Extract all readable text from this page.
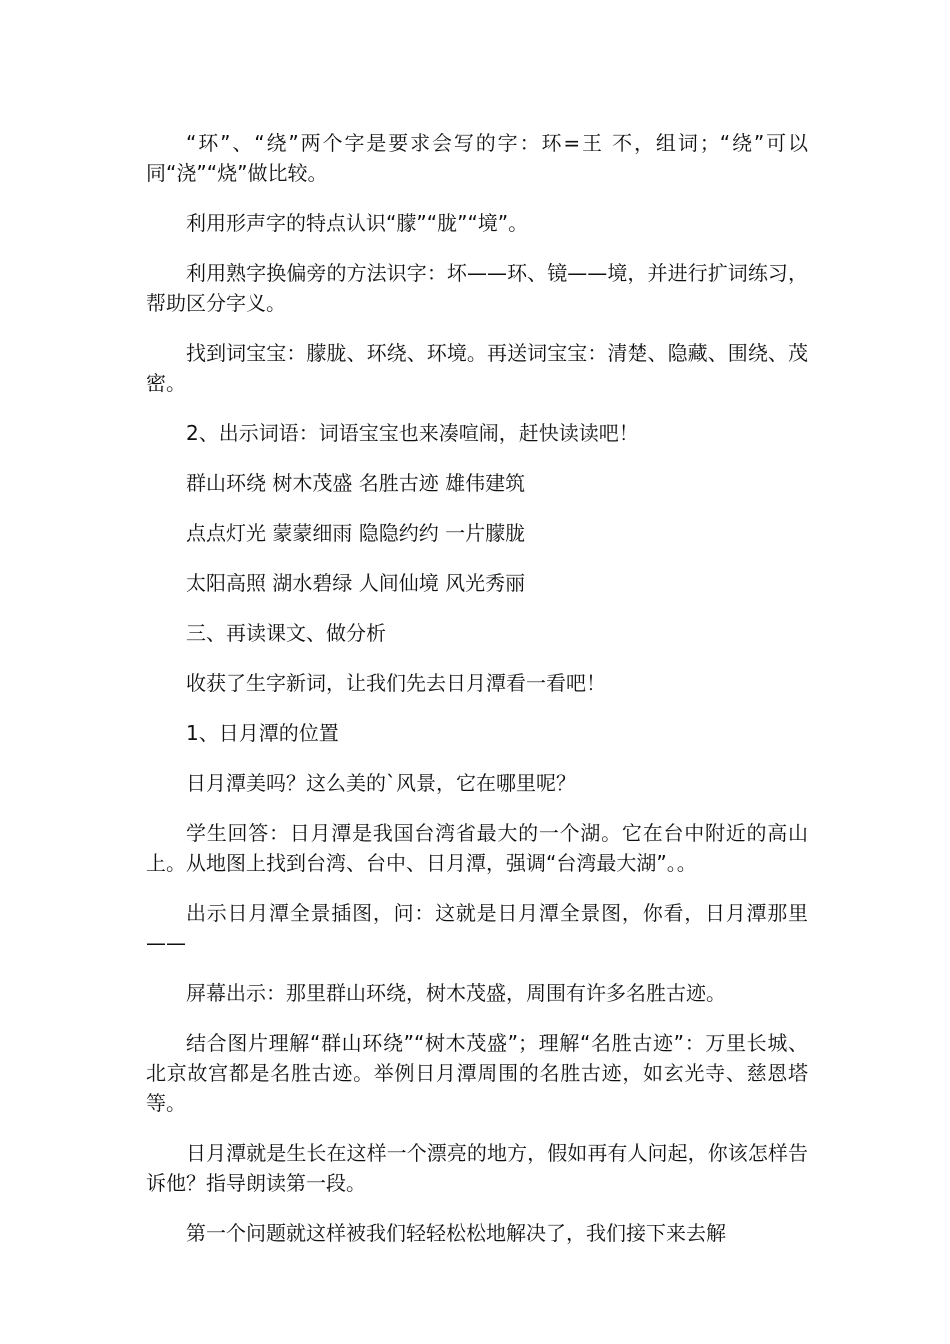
“环”、“绕”两个字是要求会写的字：环=王 不，组词；“绕”可以同“浇”“烧”做比较。

利用形声字的特点认识“朦”“胧”“境”。

利用熟字换偏旁的方法识字：坏——环、镜——境，并进行扩词练习，帮助区分字义。

找到词宝宝：朦胧、环绕、环境。再送词宝宝：清楚、隐藏、围绕、茂密。

2、出示词语：词语宝宝也来凑喧闹，赶快读读吧！

群山环绕 树木茂盛 名胜古迹 雄伟建筑

点点灯光 蒙蒙细雨 隐隐约约 一片朦胧

太阳高照 湖水碧绿 人间仙境 风光秀丽

三、再读课文、做分析

收获了生字新词，让我们先去日月潭看一看吧！

1、日月潭的位置

日月潭美吗？这么美的`风景，它在哪里呢？

学生回答：日月潭是我国台湾省最大的一个湖。它在台中附近的高山上。从地图上找到台湾、台中、日月潭，强调“台湾最大湖”。。

出示日月潭全景插图，问：这就是日月潭全景图，你看，日月潭那里——

屏幕出示：那里群山环绕，树木茂盛，周围有许多名胜古迹。

结合图片理解“群山环绕”“树木茂盛”；理解“名胜古迹”：万里长城、北京故宫都是名胜古迹。举例日月潭周围的名胜古迹，如玄光寺、慈恩塔等。

日月潭就是生长在这样一个漂亮的地方，假如再有人问起，你该怎样告诉他？指导朗读第一段。

第一个问题就这样被我们轻轻松松地解决了，我们接下来去解
